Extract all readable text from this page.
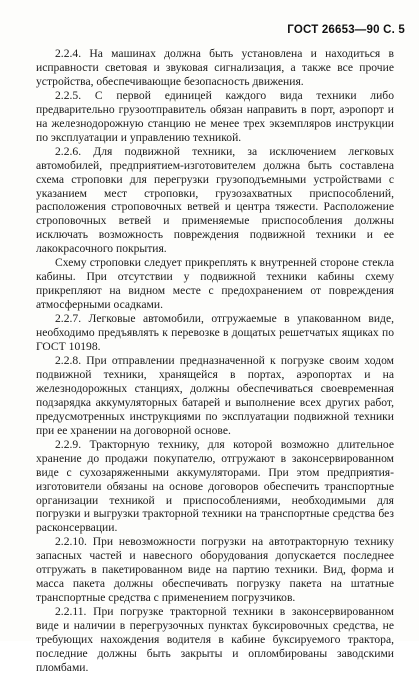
ГОСТ 26653—90 С. 5

2.2.4. На машинах должна быть установлена и находиться в исправности световая и звуковая сигнализация, а также все прочие устройства, обеспечивающие безопасность движения.

2.2.5. С первой единицей каждого вида техники либо предварительно грузоотправитель обязан направить в порт, аэропорт и на железнодорожную станцию не менее трех экземпляров инструкции по эксплуатации и управлению техникой.

2.2.6. Для подвижной техники, за исключением легковых автомобилей, предприятием-изготовителем должна быть составлена схема строповки для перегрузки грузоподъемными устройствами с указанием мест строповки, грузозахватных приспособлений, расположения строповочных ветвей и центра тяжести. Расположение строповочных ветвей и применяемые приспособления должны исключать возможность повреждения подвижной техники и ее лакокрасочного покрытия.

Схему строповки следует прикреплять к внутренней стороне стекла кабины. При отсутствии у подвижной техники кабины схему прикрепляют на видном месте с предохранением от повреждения атмосферными осадками.

2.2.7. Легковые автомобили, отгружаемые в упакованном виде, необходимо предъявлять к перевозке в дощатых решетчатых ящиках по ГОСТ 10198.

2.2.8. При отправлении предназначенной к погрузке своим ходом подвижной техники, хранящейся в портах, аэропортах и на железнодорожных станциях, должны обеспечиваться своевременная подзарядка аккумуляторных батарей и выполнение всех других работ, предусмотренных инструкциями по эксплуатации подвижной техники при ее хранении на договорной основе.

2.2.9. Тракторную технику, для которой возможно длительное хранение до продажи покупателю, отгружают в законсервированном виде с сухозаряженными аккумуляторами. При этом предприятия-изготовители обязаны на основе договоров обеспечить транспортные организации техникой и приспособлениями, необходимыми для погрузки и выгрузки тракторной техники на транспортные средства без расконсервации.

2.2.10. При невозможности погрузки на автотракторную технику запасных частей и навесного оборудования допускается последнее отгружать в пакетированном виде на партию техники. Вид, форма и масса пакета должны обеспечивать погрузку пакета на штатные транспортные средства с применением погрузчиков.

2.2.11. При погрузке тракторной техники в законсервированном виде и наличии в перегрузочных пунктах буксировочных средства, не требующих нахождения водителя в кабине буксируемого трактора, последние должны быть закрыты и опломбированы заводскими пломбами.
